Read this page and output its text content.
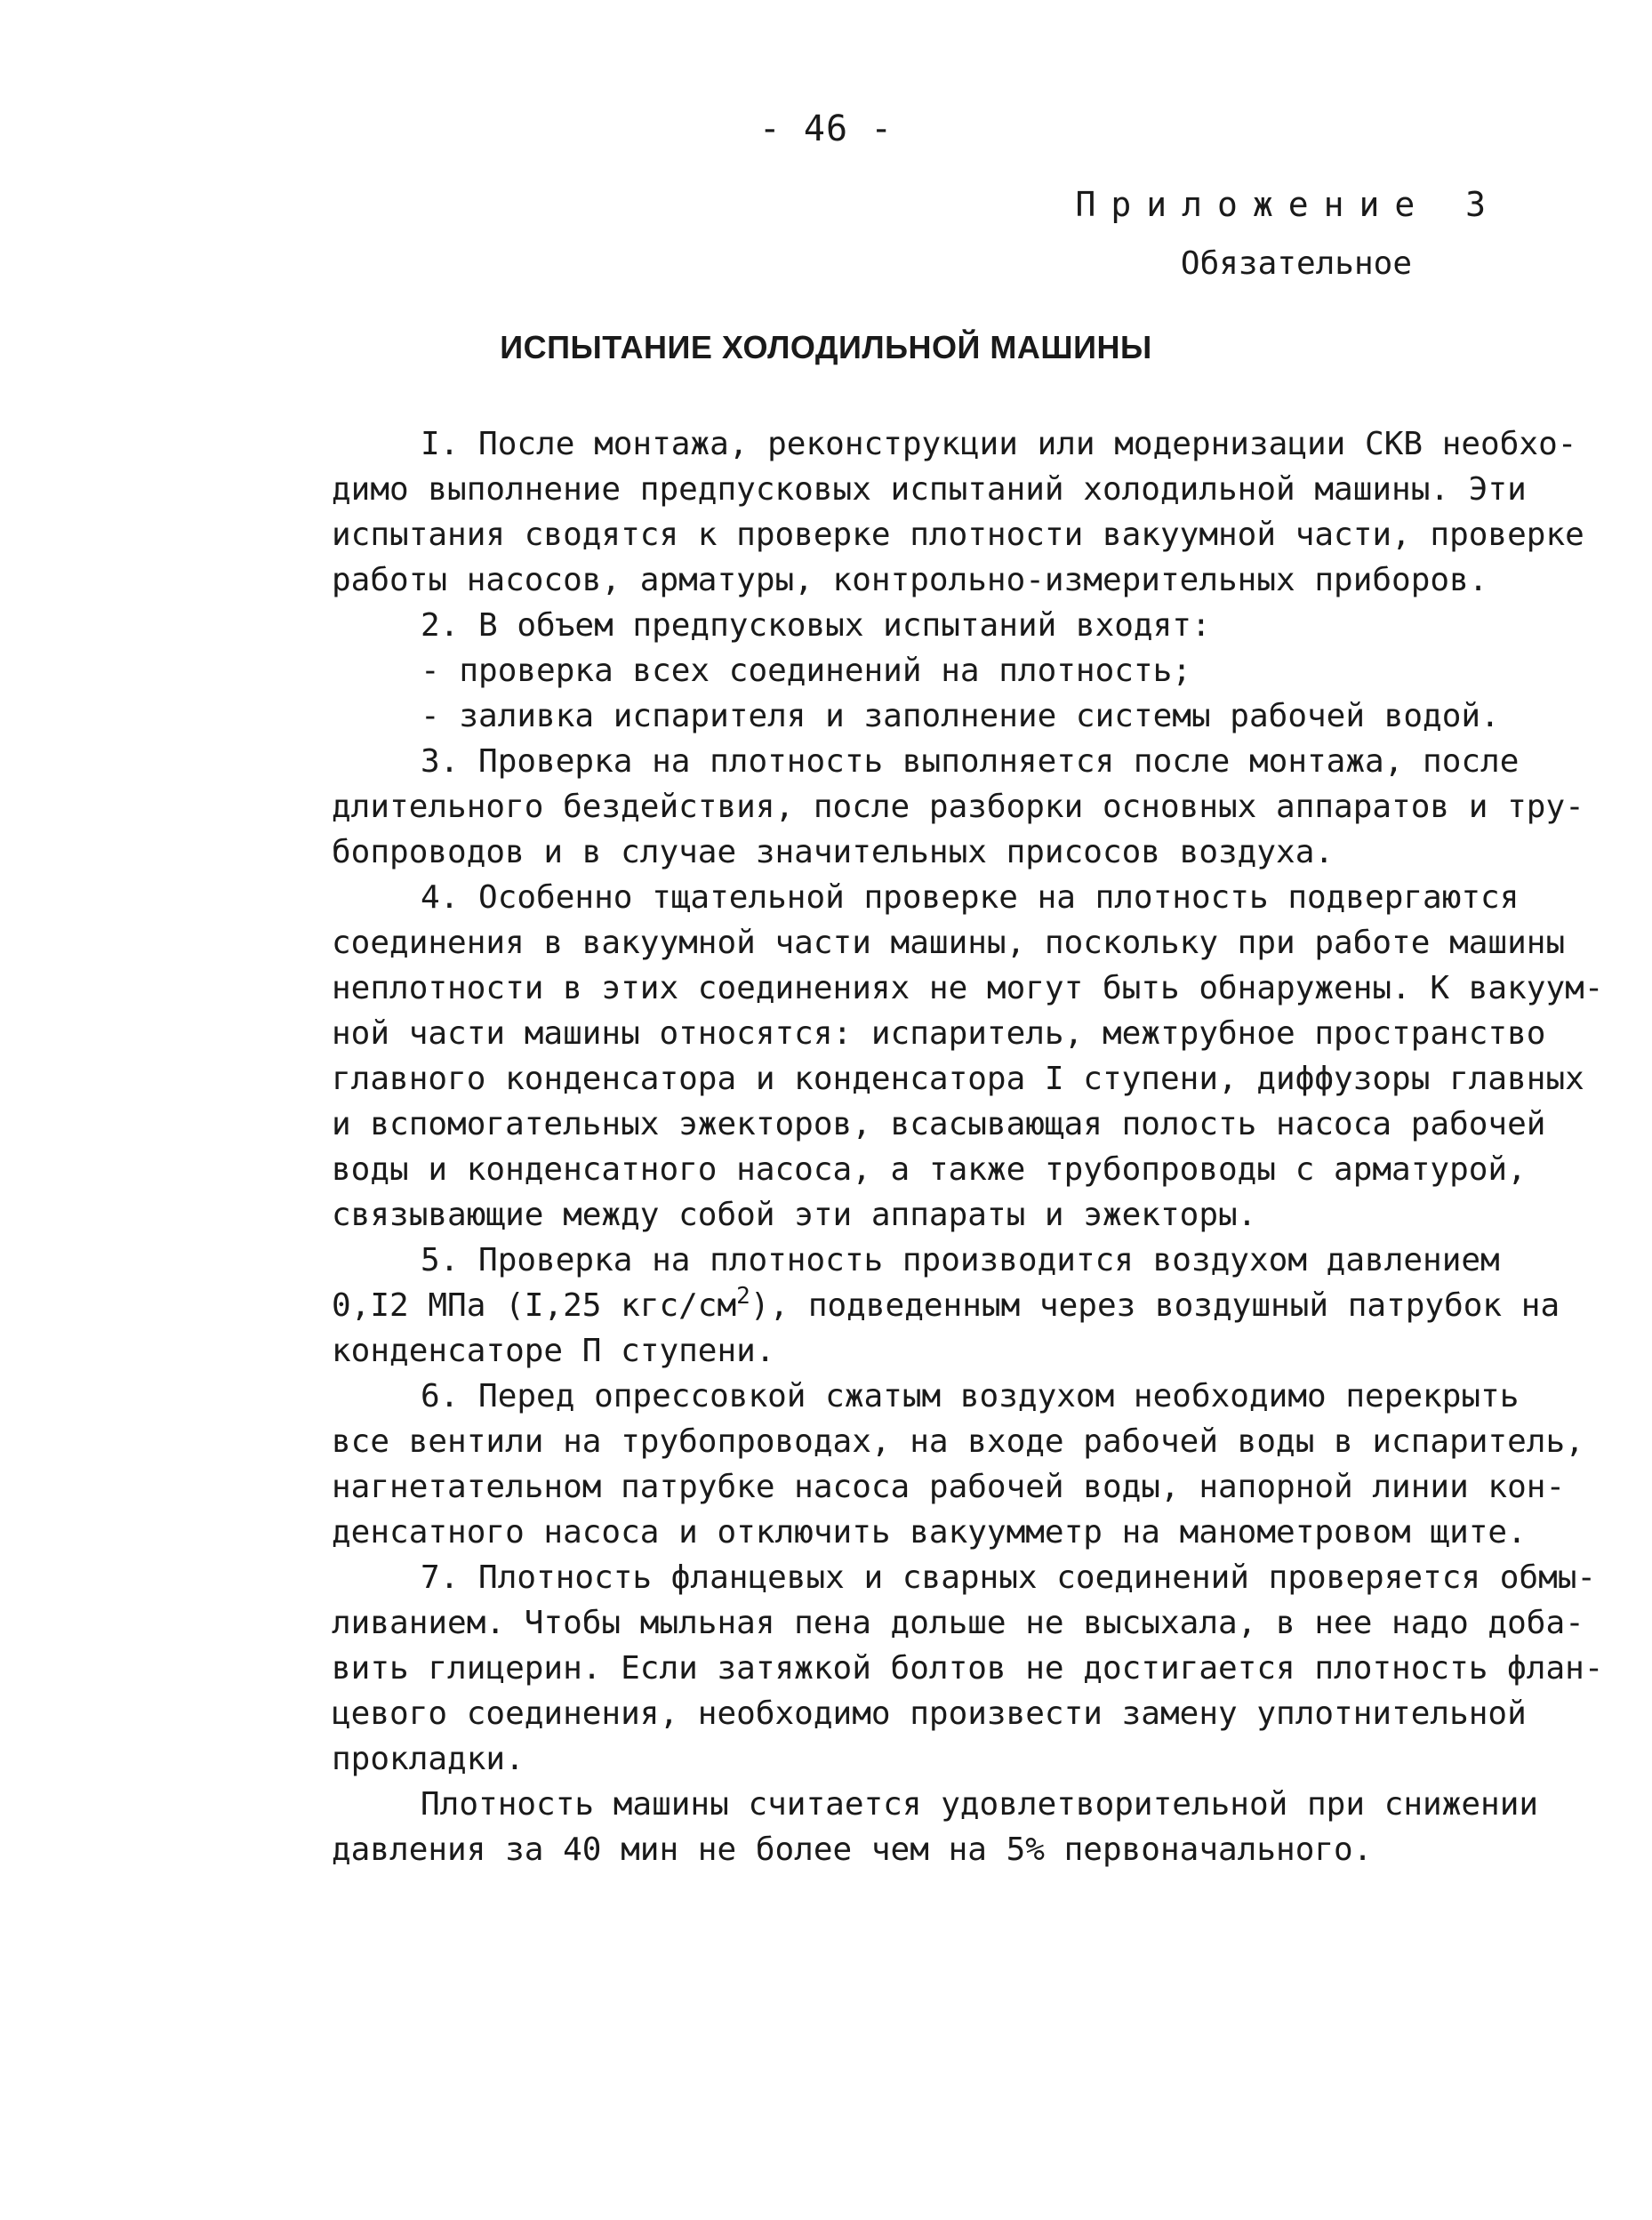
- 46 -
Приложение 3
Обязательное
ИСПЫТАНИЕ ХОЛОДИЛЬНОЙ МАШИНЫ
I. После монтажа, реконструкции или модернизации СКВ необхо-
димо выполнение предпусковых испытаний холодильной машины. Эти
испытания сводятся к проверке плотности вакуумной части, проверке
работы насосов, арматуры, контрольно-измерительных приборов.
2. В объем предпусковых испытаний входят:
- проверка всех соединений на плотность;
- заливка испарителя и заполнение системы рабочей водой.
3. Проверка на плотность выполняется после монтажа, после
длительного бездействия, после разборки основных аппаратов и тру-
бопроводов и в случае значительных присосов воздуха.
4. Особенно тщательной проверке на плотность подвергаются
соединения в вакуумной части машины, поскольку при работе машины
неплотности в этих соединениях не могут быть обнаружены. К вакуум-
ной части машины относятся: испаритель, межтрубное пространство
главного конденсатора и конденсатора I ступени, диффузоры главных
и вспомогательных эжекторов, всасывающая полость насоса рабочей
воды и конденсатного насоса, а также трубопроводы с арматурой,
связывающие между собой эти аппараты и эжекторы.
5. Проверка на плотность производится воздухом давлением
0,I2 МПа (I,25 кгс/$см^2$), подведенным через воздушный патрубок на
конденсаторе П ступени.
6. Перед опрессовкой сжатым воздухом необходимо перекрыть
все вентили на трубопроводах, на входе рабочей воды в испаритель,
нагнетательном патрубке насоса рабочей воды, напорной линии кон-
денсатного насоса и отключить вакуумметр на манометровом щите.
7. Плотность фланцевых и сварных соединений проверяется обмы-
ливанием. Чтобы мыльная пена дольше не высыхала, в нее надо доба-
вить глицерин. Если затяжкой болтов не достигается плотность флан-
цевого соединения, необходимо произвести замену уплотнительной
прокладки.
Плотность машины считается удовлетворительной при снижении
давления за 40 мин не более чем на 5% первоначального.
